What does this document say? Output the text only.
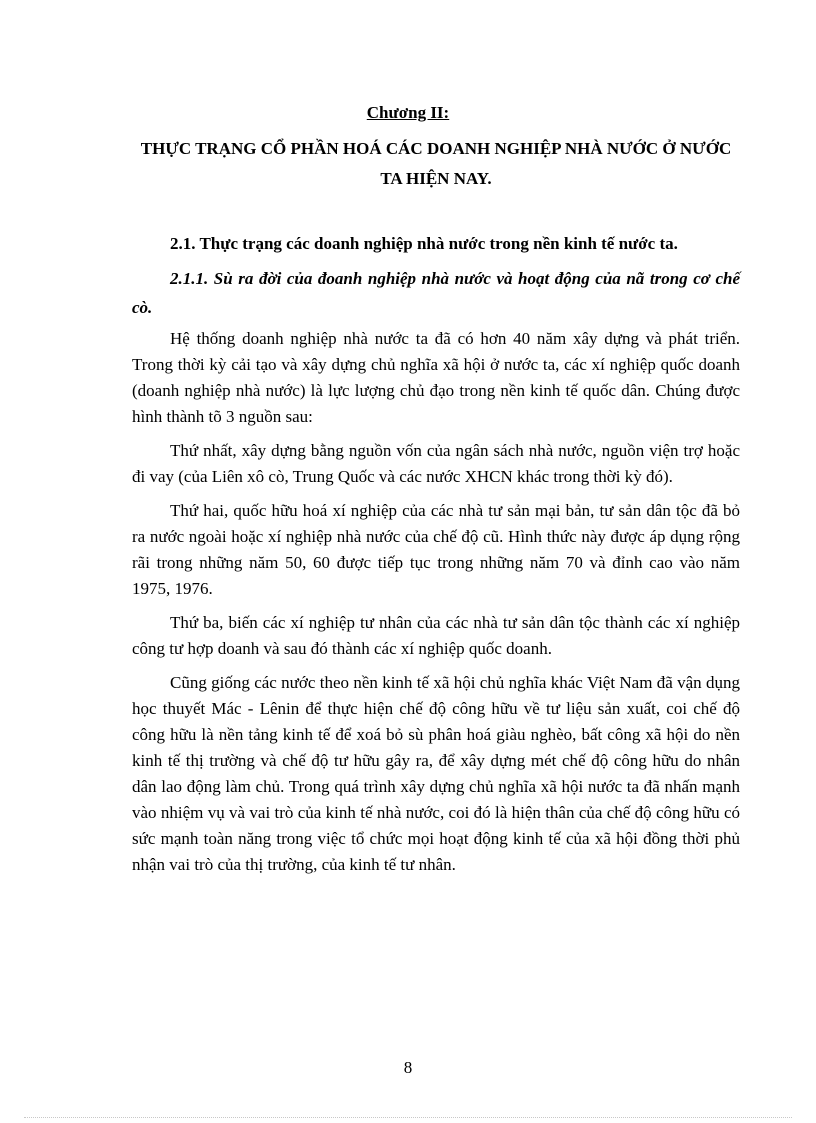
Chương II:
THỰC TRẠNG CỔ PHẦN HOÁ CÁC DOANH NGHIỆP NHÀ NƯỚC Ở NƯỚC TA HIỆN NAY.

2.1. Thực trạng các doanh nghiệp nhà nước trong nền kinh tế nước ta.

2.1.1. Sù ra đời của đoanh nghiệp nhà nước và hoạt động của nã trong cơ chế cò.

Hệ thống doanh nghiệp nhà nước ta đã có hơn 40 năm xây dựng và phát triển. Trong thời kỳ cải tạo và xây dựng chủ nghĩa xã hội ở nước ta, các xí nghiệp quốc doanh (doanh nghiệp nhà nước) là lực lượng chủ đạo trong nền kinh tế quốc dân. Chúng được hình thành tõ 3 nguồn sau:

Thứ nhất, xây dựng bằng nguồn vốn của ngân sách nhà nước, nguồn viện trợ hoặc đi vay (của Liên xô cò, Trung Quốc và các nước XHCN khác trong thời kỳ đó).

Thứ hai, quốc hữu hoá xí nghiệp của các nhà tư sản mại bản, tư sản dân tộc đã bỏ ra nước ngoài hoặc xí nghiệp nhà nước của chế độ cũ. Hình thức này được áp dụng rộng rãi trong những năm 50, 60 được tiếp tục trong những năm 70 và đỉnh cao vào năm 1975, 1976.

Thứ ba, biến các xí nghiệp tư nhân của các nhà tư sản dân tộc thành các xí nghiệp công tư hợp doanh và sau đó thành các xí nghiệp quốc doanh.

Cũng giống các nước theo nền kinh tế xã hội chủ nghĩa khác Việt Nam đã vận dụng học thuyết Mác - Lênin để thực hiện chế độ công hữu về tư liệu sản xuất, coi chế độ công hữu là nền tảng kinh tế để xoá bỏ sù phân hoá giàu nghèo, bất công xã hội do nền kinh tế thị trường và chế độ tư hữu gây ra, để xây dựng mét chế độ công hữu do nhân dân lao động làm chủ. Trong quá trình xây dựng chủ nghĩa xã hội nước ta đã nhấn mạnh vào nhiệm vụ và vai trò của kinh tế nhà nước, coi đó là hiện thân của chế độ công hữu có sức mạnh toàn năng trong việc tổ chức mọi hoạt động kinh tế của xã hội đồng thời phủ nhận vai trò của thị trường, của kinh tế tư nhân.

8
